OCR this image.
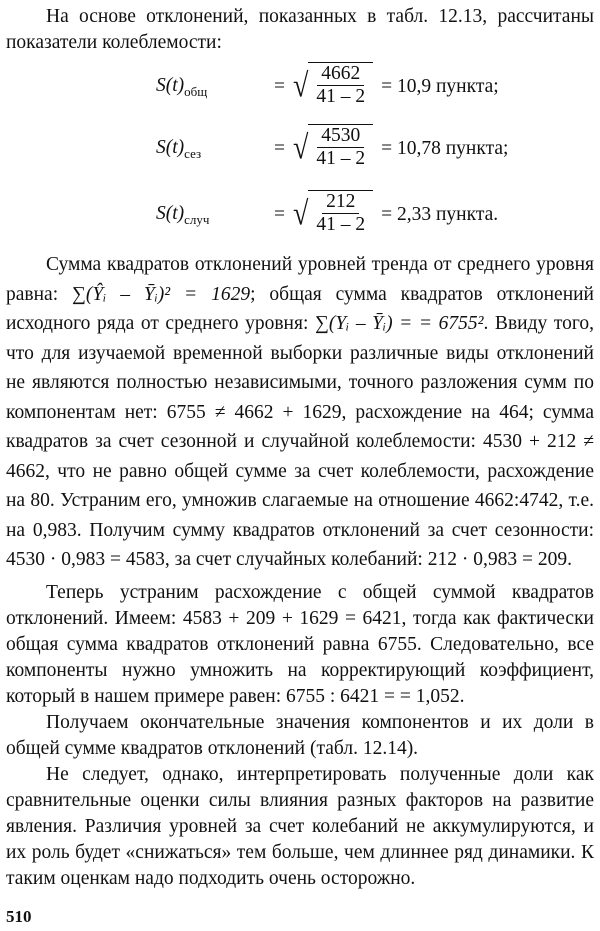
На основе отклонений, показанных в табл. 12.13, рассчитаны показатели колеблемости:

$S(t)_{общ}$	= √ $\frac{4662}{41 - 2} = 10,9$ пункта;
$S(t)_{сез}$	= √ $\frac{4530}{41 - 2} = 10,78$ пункта;
$S(t)_{случ}$	= √ $\frac{212}{41 - 2} = 2,33$ пункта.

Сумма квадратов отклонений уровней тренда от среднего уровня равна: ∑(Ŷᵢ – Ȳᵢ)² = 1629; общая сумма квадратов отклонений исходного ряда от среднего уровня: ∑(Yᵢ – Ȳᵢ) = = 6755². Ввиду того, что для изучаемой временной выборки различные виды отклонений не являются полностью независимыми, точного разложения сумм по компонентам нет: 6755 ≠ 4662 + 1629, расхождение на 464; сумма квадратов за счет сезонной и случайной колеблемости: 4530 + 212 ≠ 4662, что не равно общей сумме за счет колеблемости, расхождение на 80. Устраним его, умножив слагаемые на отношение 4662:4742, т.е. на 0,983. Получим сумму квадратов отклонений за счет сезонности: 4530 · 0,983 = 4583, за счет случайных колебаний: 212 · 0,983 = 209.

Теперь устраним расхождение с общей суммой квадратов отклонений. Имеем: 4583 + 209 + 1629 = 6421, тогда как фактически общая сумма квадратов отклонений равна 6755. Следовательно, все компоненты нужно умножить на корректирующий коэффициент, который в нашем примере равен: 6755 : 6421 = = 1,052.

Получаем окончательные значения компонентов и их доли в общей сумме квадратов отклонений (табл. 12.14).

Не следует, однако, интерпретировать полученные доли как сравнительные оценки силы влияния разных факторов на развитие явления. Различия уровней за счет колебаний не аккумулируются, и их роль будет «снижаться» тем больше, чем длиннее ряд динамики. К таким оценкам надо подходить очень осторожно.

510
